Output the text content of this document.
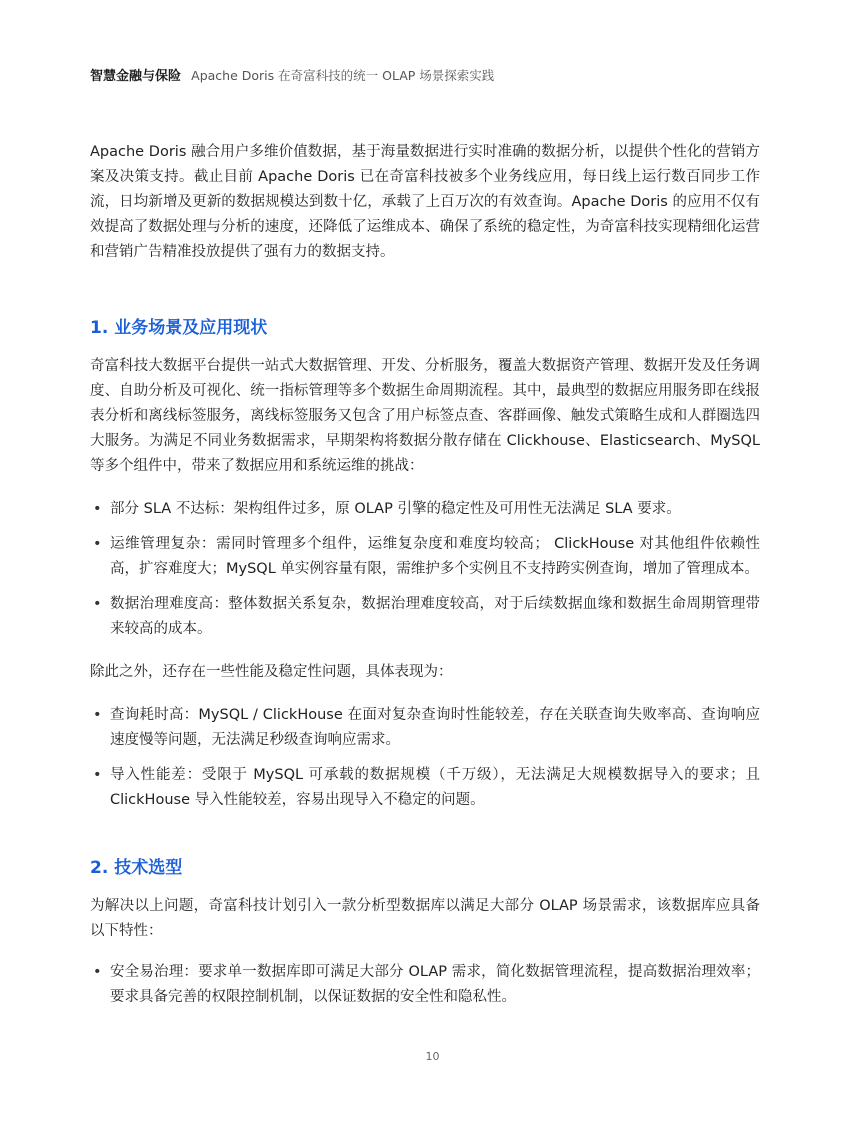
智慧金融与保险 Apache Doris 在奇富科技的统一 OLAP 场景探索实践

Apache Doris 融合用户多维价值数据，基于海量数据进行实时准确的数据分析，以提供个性化的营销方案及决策支持。截止目前 Apache Doris 已在奇富科技被多个业务线应用，每日线上运行数百同步工作流，日均新增及更新的数据规模达到数十亿，承载了上百万次的有效查询。Apache Doris 的应用不仅有效提高了数据处理与分析的速度，还降低了运维成本、确保了系统的稳定性，为奇富科技实现精细化运营和营销广告精准投放提供了强有力的数据支持。

1. 业务场景及应用现状

奇富科技大数据平台提供一站式大数据管理、开发、分析服务，覆盖大数据资产管理、数据开发及任务调度、自助分析及可视化、统一指标管理等多个数据生命周期流程。其中，最典型的数据应用服务即在线报表分析和离线标签服务，离线标签服务又包含了用户标签点查、客群画像、触发式策略生成和人群圈选四大服务。为满足不同业务数据需求，早期架构将数据分散存储在 Clickhouse、Elasticsearch、MySQL 等多个组件中，带来了数据应用和系统运维的挑战：

• 部分 SLA 不达标：架构组件过多，原 OLAP 引擎的稳定性及可用性无法满足 SLA 要求。
• 运维管理复杂：需同时管理多个组件，运维复杂度和难度均较高； ClickHouse 对其他组件依赖性高，扩容难度大；MySQL 单实例容量有限，需维护多个实例且不支持跨实例查询，增加了管理成本。
• 数据治理难度高：整体数据关系复杂，数据治理难度较高，对于后续数据血缘和数据生命周期管理带来较高的成本。

除此之外，还存在一些性能及稳定性问题，具体表现为：

• 查询耗时高：MySQL / ClickHouse 在面对复杂查询时性能较差，存在关联查询失败率高、查询响应速度慢等问题，无法满足秒级查询响应需求。
• 导入性能差：受限于 MySQL 可承载的数据规模（千万级），无法满足大规模数据导入的要求；且 ClickHouse 导入性能较差，容易出现导入不稳定的问题。
2. 技术选型

为解决以上问题，奇富科技计划引入一款分析型数据库以满足大部分 OLAP 场景需求，该数据库应具备以下特性：

• 安全易治理：要求单一数据库即可满足大部分 OLAP 需求，简化数据管理流程，提高数据治理效率；要求具备完善的权限控制机制，以保证数据的安全性和隐私性。
10
